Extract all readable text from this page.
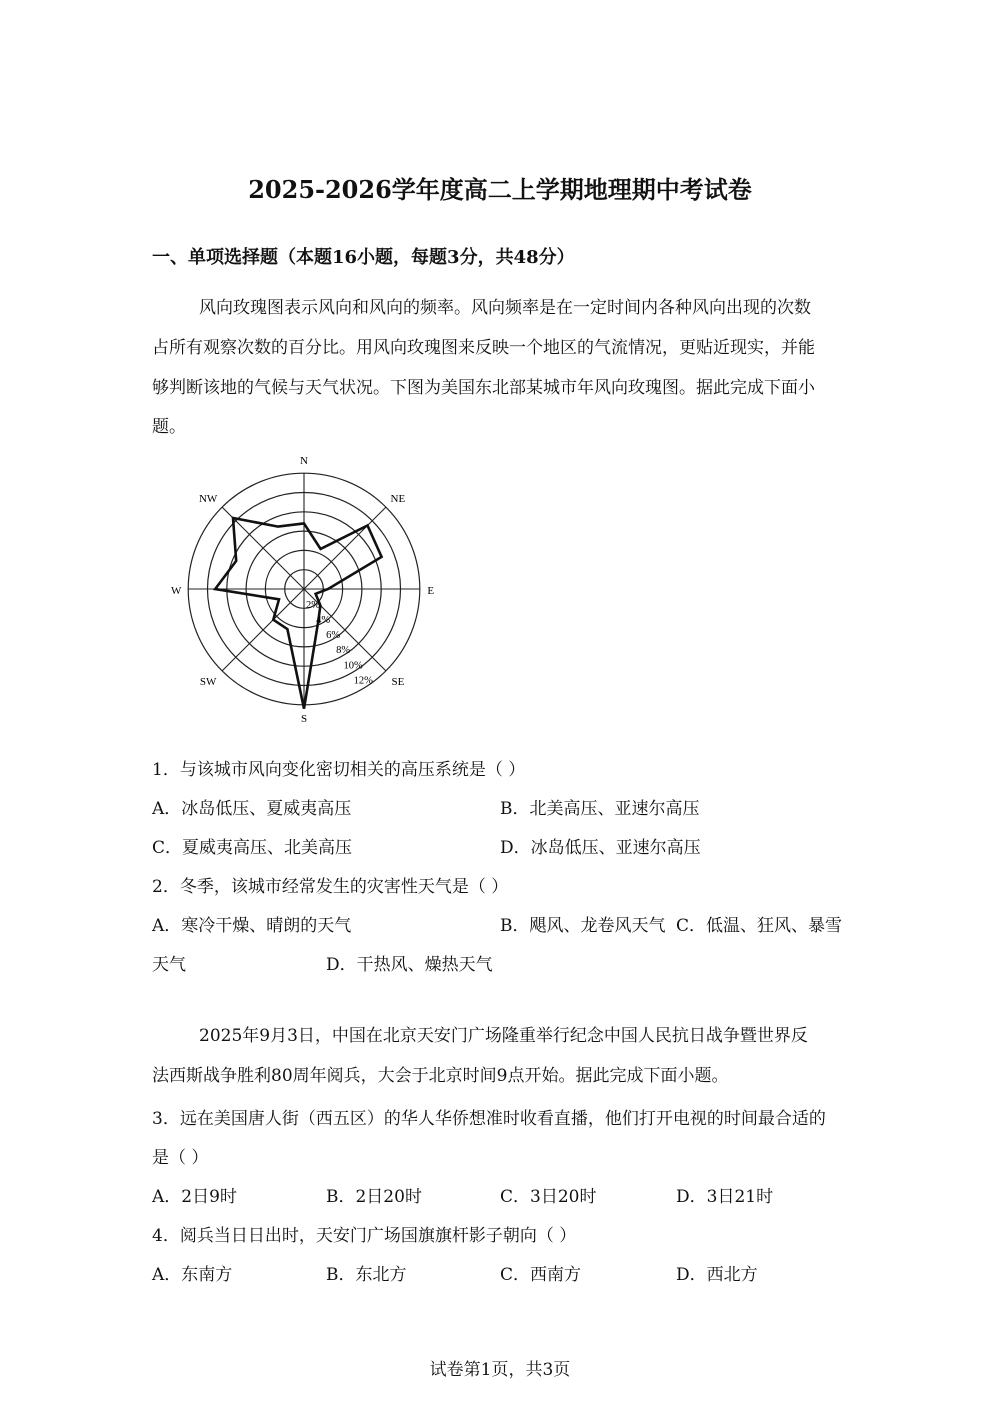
2025-2026学年度高二上学期地理期中考试卷
一、单项选择题（本题16小题，每题3分，共48分）
风向玫瑰图表示风向和风向的频率。风向频率是在一定时间内各种风向出现的次数
占所有观察次数的百分比。用风向玫瑰图来反映一个地区的气流情况，更贴近现实，并能
够判断该地的气候与天气状况。下图为美国东北部某城市年风向玫瑰图。据此完成下面小
题。
N
NE
E
SE
S
SW
W
NW
2%
4%
6%
8%
10%
12%
1．与该城市风向变化密切相关的高压系统是（ ）
A．冰岛低压、夏威夷高压	B．北美高压、亚速尔高压
C．夏威夷高压、北美高压	D．冰岛低压、亚速尔高压
2．冬季，该城市经常发生的灾害性天气是（ ）
A．寒冷干燥、晴朗的天气	B．飓风、龙卷风天气 C．低温、狂风、暴雪
天气	D．干热风、燥热天气
2025年9月3日，中国在北京天安门广场隆重举行纪念中国人民抗日战争暨世界反
法西斯战争胜利80周年阅兵，大会于北京时间9点开始。据此完成下面小题。
3．远在美国唐人街（西五区）的华人华侨想准时收看直播，他们打开电视的时间最合适的
是（ ）
A．2日9时	B．2日20时	C．3日20时	D．3日21时
4．阅兵当日日出时，天安门广场国旗旗杆影子朝向（ ）
A．东南方	B．东北方	C．西南方	D．西北方
试卷第1页，共3页
